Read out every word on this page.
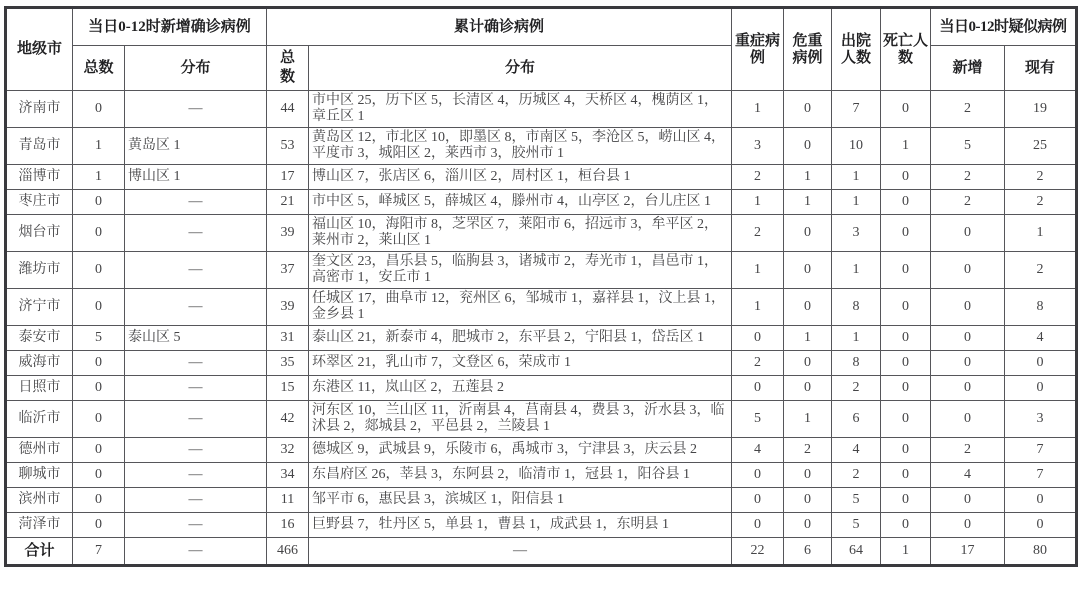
地级市	当日0-12时新增确诊病例		累计确诊病例		重症病例	危重病例	出院人数	死亡人数	当日0-12时疑似病例	
	总数	分布	总数	分布					新增	现有
济南市	0	—	44	市中区 25，历下区 5，长清区 4，历城区 4，天桥区 4，槐荫区 1，章丘区 1	1	0	7	0	2	19
青岛市	1	黄岛区 1	53	黄岛区 12，市北区 10，即墨区 8，市南区 5，李沧区 5，崂山区 4，平度市 3，城阳区 2，莱西市 3，胶州市 1	3	0	10	1	5	25
淄博市	1	博山区 1	17	博山区 7，张店区 6，淄川区 2，周村区 1，桓台县 1	2	1	1	0	2	2
枣庄市	0	—	21	市中区 5，峄城区 5，薛城区 4，滕州市 4，山亭区 2，台儿庄区 1	1	1	1	0	2	2
烟台市	0	—	39	福山区 10，海阳市 8，芝罘区 7，莱阳市 6，招远市 3，牟平区 2，莱州市 2，莱山区 1	2	0	3	0	0	1
潍坊市	0	—	37	奎文区 23，昌乐县 5，临朐县 3，诸城市 2，寿光市 1，昌邑市 1，高密市 1，安丘市 1	1	0	1	0	0	2
济宁市	0	—	39	任城区 17，曲阜市 12，兖州区 6，邹城市 1，嘉祥县 1，汶上县 1，金乡县 1	1	0	8	0	0	8
泰安市	5	泰山区 5	31	泰山区 21，新泰市 4，肥城市 2，东平县 2，宁阳县 1，岱岳区 1	0	1	1	0	0	4
威海市	0	—	35	环翠区 21，乳山市 7，文登区 6，荣成市 1	2	0	8	0	0	0
日照市	0	—	15	东港区 11，岚山区 2，五莲县 2	0	0	2	0	0	0
临沂市	0	—	42	河东区 10，兰山区 11，沂南县 4，莒南县 4，费县 3，沂水县 3，临沭县 2，郯城县 2，平邑县 2，兰陵县 1	5	1	6	0	0	3
德州市	0	—	32	德城区 9，武城县 9，乐陵市 6，禹城市 3，宁津县 3，庆云县 2	4	2	4	0	2	7
聊城市	0	—	34	东昌府区 26，莘县 3，东阿县 2，临清市 1，冠县 1，阳谷县 1	0	0	2	0	4	7
滨州市	0	—	11	邹平市 6，惠民县 3，滨城区 1，阳信县 1	0	0	5	0	0	0
菏泽市	0	—	16	巨野县 7，牡丹区 5，单县 1，曹县 1，成武县 1，东明县 1	0	0	5	0	0	0
合计	7	—	466	—	22	6	64	1	17	80
